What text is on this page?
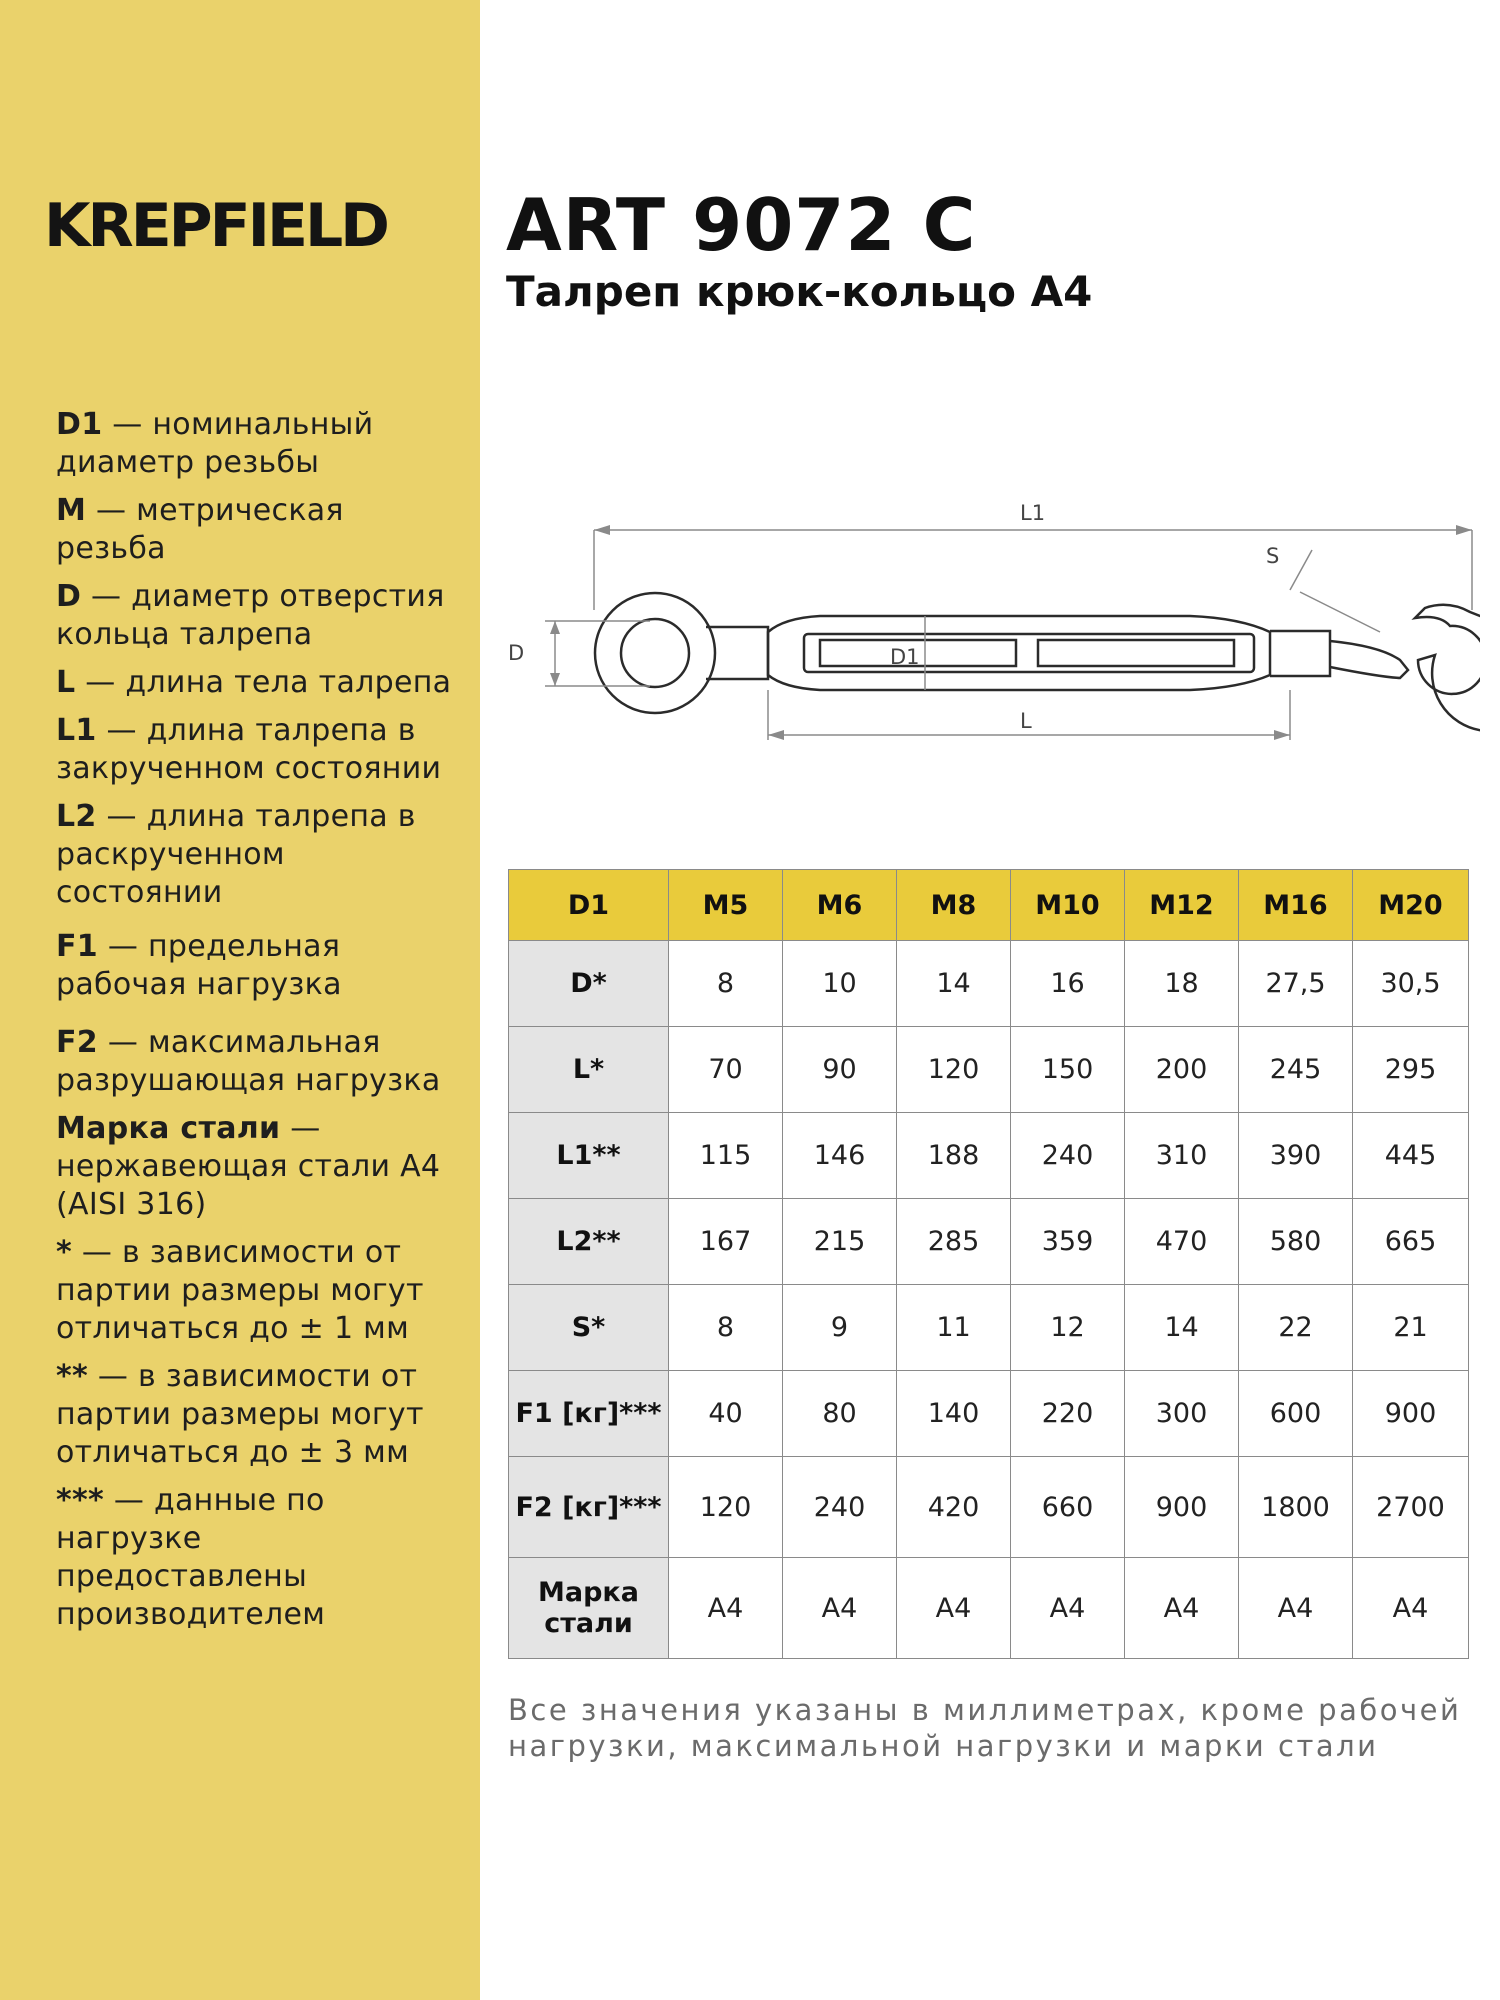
KREPFIELD
D1 — номинальный диаметр резьбы
M — метрическая резьба
D — диаметр отверстия кольца талрепа
L — длина тела талрепа
L1 — длина талрепа в закрученном состоянии
L2 — длина талрепа в раскрученном состоянии
F1 — предельная рабочая нагрузка
F2 — максимальная разрушающая нагрузка
Марка стали — нержавеющая стали А4 (AISI 316)
* — в зависимости от партии размеры могут отличаться до ± 1 мм
** — в зависимости от партии размеры могут отличаться до ± 3 мм
*** — данные по нагрузке предоставлены производителем
ART 9072 C
Талреп крюк-кольцо А4
L1
S
D	D1
L
D1	M5	M6	M8	M10	M12	M16	M20
D*	8	10	14	16	18	27,5	30,5
L*	70	90	120	150	200	245	295
L1**	115	146	188	240	310	390	445
L2**	167	215	285	359	470	580	665
S*	8	9	11	12	14	22	21
F1 [кг]***	40	80	140	220	300	600	900
F2 [кг]***	120	240	420	660	900	1800	2700
Марка стали	А4	А4	А4	А4	А4	А4	А4
Все значения указаны в миллиметрах, кроме рабочей нагрузки, максимальной нагрузки и марки стали
